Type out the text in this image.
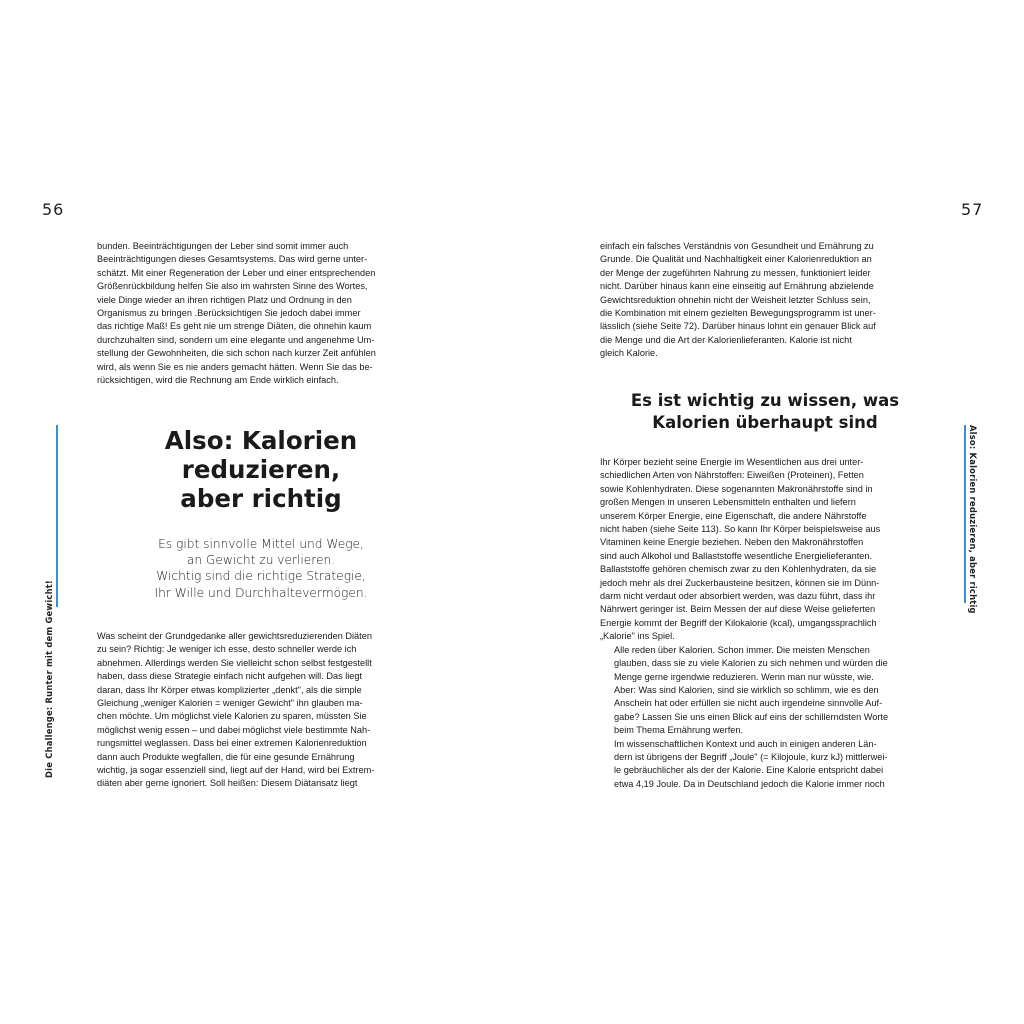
56	57
Die Challenge: Runter mit dem Gewicht!
Also: Kalorien reduzieren, aber richtig

bunden. Beeinträchtigungen der Leber sind somit immer auch
Beeinträchtigungen dieses Gesamtsystems. Das wird gerne unter-
schätzt. Mit einer Regeneration der Leber und einer entsprechenden
Größenrückbildung helfen Sie also im wahrsten Sinne des Wortes,
viele Dinge wieder an ihren richtigen Platz und Ordnung in den
Organismus zu bringen .Berücksichtigen Sie jedoch dabei immer
das richtige Maß! Es geht nie um strenge Diäten, die ohnehin kaum
durchzuhalten sind, sondern um eine elegante und angenehme Um-
stellung der Gewohnheiten, die sich schon nach kurzer Zeit anfühlen
wird, als wenn Sie es nie anders gemacht hätten. Wenn Sie das be-
rücksichtigen, wird die Rechnung am Ende wirklich einfach.

Also: Kalorien
reduzieren,
aber richtig
Es gibt sinnvolle Mittel und Wege,
an Gewicht zu verlieren.
Wichtig sind die richtige Strategie,
Ihr Wille und Durchhaltevermögen.

Was scheint der Grundgedanke aller gewichtsreduzierenden Diäten
zu sein? Richtig: Je weniger ich esse, desto schneller werde ich
abnehmen. Allerdings werden Sie vielleicht schon selbst festgestellt
haben, dass diese Strategie einfach nicht aufgehen will. Das liegt
daran, dass Ihr Körper etwas komplizierter „denkt", als die simple
Gleichung „weniger Kalorien = weniger Gewicht" ihn glauben ma-
chen möchte. Um möglichst viele Kalorien zu sparen, müssten Sie
möglichst wenig essen – und dabei möglichst viele bestimmte Nah-
rungsmittel weglassen. Dass bei einer extremen Kalorienreduktion
dann auch Produkte wegfallen, die für eine gesunde Ernährung
wichtig, ja sogar essenziell sind, liegt auf der Hand, wird bei Extrem-
diäten aber gerne ignoriert. Soll heißen: Diesem Diätansatz liegt

einfach ein falsches Verständnis von Gesundheit und Ernährung zu
Grunde. Die Qualität und Nachhaltigkeit einer Kalorienreduktion an
der Menge der zugeführten Nahrung zu messen, funktioniert leider
nicht. Darüber hinaus kann eine einseitig auf Ernährung abzielende
Gewichtsreduktion ohnehin nicht der Weisheit letzter Schluss sein,
die Kombination mit einem gezielten Bewegungsprogramm ist uner-
lässlich (siehe Seite 72). Darüber hinaus lohnt ein genauer Blick auf
die Menge und die Art der Kalorienlieferanten. Kalorie ist nicht
gleich Kalorie.

Es ist wichtig zu wissen, was
Kalorien überhaupt sind

Ihr Körper bezieht seine Energie im Wesentlichen aus drei unter-
schiedlichen Arten von Nährstoffen: Eiweißen (Proteinen), Fetten
sowie Kohlenhydraten. Diese sogenannten Makronährstoffe sind in
großen Mengen in unseren Lebensmitteln enthalten und liefern
unserem Körper Energie, eine Eigenschaft, die andere Nährstoffe
nicht haben (siehe Seite 113). So kann Ihr Körper beispielsweise aus
Vitaminen keine Energie beziehen. Neben den Makronährstoffen
sind auch Alkohol und Ballaststoffe wesentliche Energielieferanten.
Ballaststoffe gehören chemisch zwar zu den Kohlenhydraten, da sie
jedoch mehr als drei Zuckerbausteine besitzen, können sie im Dünn-
darm nicht verdaut oder absorbiert werden, was dazu führt, dass ihr
Nährwert geringer ist. Beim Messen der auf diese Weise gelieferten
Energie kommt der Begriff der Kilokalorie (kcal), umgangssprachlich
„Kalorie" ins Spiel.

Alle reden über Kalorien. Schon immer. Die meisten Menschen
glauben, dass sie zu viele Kalorien zu sich nehmen und würden die
Menge gerne irgendwie reduzieren. Wenn man nur wüsste, wie.
Aber: Was sind Kalorien, sind sie wirklich so schlimm, wie es den
Anschein hat oder erfüllen sie nicht auch irgendeine sinnvolle Auf-
gabe? Lassen Sie uns einen Blick auf eins der schillerndsten Worte
beim Thema Ernährung werfen.

Im wissenschaftlichen Kontext und auch in einigen anderen Län-
dern ist übrigens der Begriff „Joule" (= Kilojoule, kurz kJ) mittlerwei-
le gebräuchlicher als der der Kalorie. Eine Kalorie entspricht dabei
etwa 4,19 Joule. Da in Deutschland jedoch die Kalorie immer noch
